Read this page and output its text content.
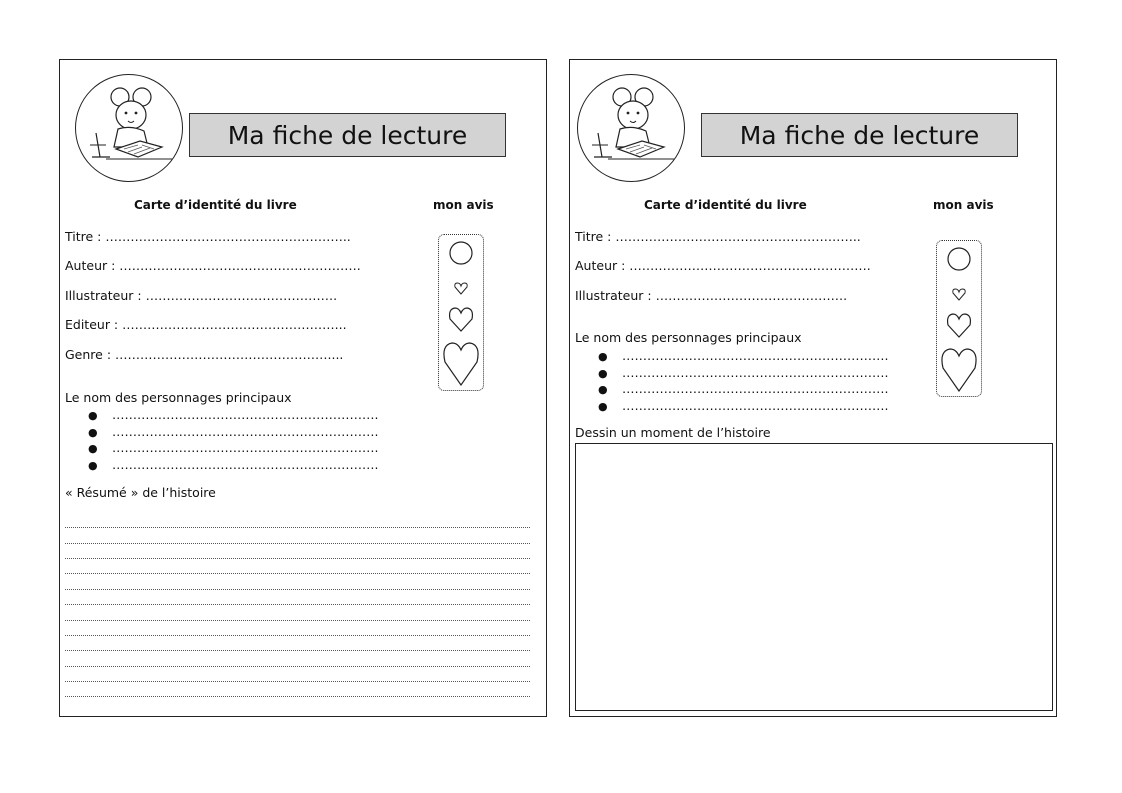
Ma fiche de lecture
Carte d’identité du livre	mon avis
Titre : …………………………………………………..
Auteur : ………………………………………………….
Illustrateur : ……………………………………….
Editeur : ……………………………………………...
Genre : ……………………………………………....
Le nom des personnages principaux
● ……………………………………………………….
● ……………………………………………………….
● ……………………………………………………….
● ……………………………………………………….
« Résumé » de l’histoire
Ma fiche de lecture
Carte d’identité du livre	mon avis
Titre : …………………………………………………..
Auteur : ………………………………………………….
Illustrateur : ……………………………………….
Le nom des personnages principaux
● ……………………………………………………….
● ……………………………………………………….
● ……………………………………………………….
● ……………………………………………………….
Dessin un moment de l’histoire
